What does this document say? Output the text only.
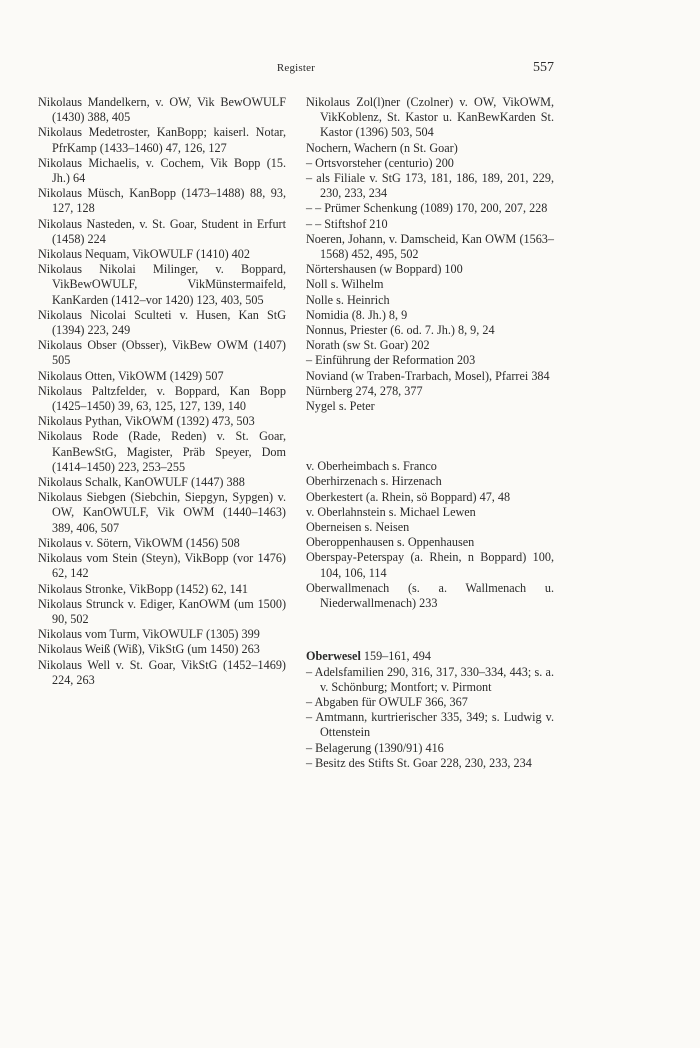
Register	557

Nikolaus Mandelkern, v. OW, Vik BewOWULF (1430) 388, 405

Nikolaus Medetroster, KanBopp; kaiserl. Notar, PfrKamp (1433–1460) 47, 126, 127

Nikolaus Michaelis, v. Cochem, Vik Bopp (15. Jh.) 64

Nikolaus Müsch, KanBopp (1473–1488) 88, 93, 127, 128

Nikolaus Nasteden, v. St. Goar, Student in Erfurt (1458) 224

Nikolaus Nequam, VikOWULF (1410) 402

Nikolaus Nikolai Milinger, v. Boppard, VikBewOWULF, VikMünstermaifeld, KanKarden (1412–vor 1420) 123, 403, 505

Nikolaus Nicolai Sculteti v. Husen, Kan StG (1394) 223, 249

Nikolaus Obser (Obsser), VikBew OWM (1407) 505

Nikolaus Otten, VikOWM (1429) 507

Nikolaus Paltzfelder, v. Boppard, Kan Bopp (1425–1450) 39, 63, 125, 127, 139, 140

Nikolaus Pythan, VikOWM (1392) 473, 503

Nikolaus Rode (Rade, Reden) v. St. Goar, KanBewStG, Magister, Präb Speyer, Dom (1414–1450) 223, 253–255

Nikolaus Schalk, KanOWULF (1447) 388

Nikolaus Siebgen (Siebchin, Siepgyn, Sypgen) v. OW, KanOWULF, Vik OWM (1440–1463) 389, 406, 507

Nikolaus v. Sötern, VikOWM (1456) 508

Nikolaus vom Stein (Steyn), VikBopp (vor 1476) 62, 142

Nikolaus Stronke, VikBopp (1452) 62, 141

Nikolaus Strunck v. Ediger, KanOWM (um 1500) 90, 502

Nikolaus vom Turm, VikOWULF (1305) 399

Nikolaus Weiß (Wiß), VikStG (um 1450) 263

Nikolaus Well v. St. Goar, VikStG (1452–1469) 224, 263

Nikolaus Zol(l)ner (Czolner) v. OW, VikOWM, VikKoblenz, St. Kastor u. KanBewKarden St. Kastor (1396) 503, 504

Nochern, Wachern (n St. Goar)

– Ortsvorsteher (centurio) 200

– als Filiale v. StG 173, 181, 186, 189, 201, 229, 230, 233, 234

– – Prümer Schenkung (1089) 170, 200, 207, 228

– – Stiftshof 210

Noeren, Johann, v. Damscheid, Kan OWM (1563–1568) 452, 495, 502

Nörtershausen (w Boppard) 100

Noll s. Wilhelm

Nolle s. Heinrich

Nomidia (8. Jh.) 8, 9

Nonnus, Priester (6. od. 7. Jh.) 8, 9, 24

Norath (sw St. Goar) 202

– Einführung der Reformation 203

Noviand (w Traben-Trarbach, Mosel), Pfarrei 384

Nürnberg 274, 278, 377

Nygel s. Peter

v. Oberheimbach s. Franco

Oberhirzenach s. Hirzenach

Oberkestert (a. Rhein, sö Boppard) 47, 48

v. Oberlahnstein s. Michael Lewen

Oberneisen s. Neisen

Oberoppenhausen s. Oppenhausen

Oberspay-Peterspay (a. Rhein, n Boppard) 100, 104, 106, 114

Oberwallmenach (s. a. Wallmenach u. Niederwallmenach) 233

Oberwesel 159–161, 494

– Adelsfamilien 290, 316, 317, 330–334, 443; s. a. v. Schönburg; Montfort; v. Pirmont

– Abgaben für OWULF 366, 367

– Amtmann, kurtrierischer 335, 349; s. Ludwig v. Ottenstein

– Belagerung (1390/91) 416

– Besitz des Stifts St. Goar 228, 230, 233, 234
